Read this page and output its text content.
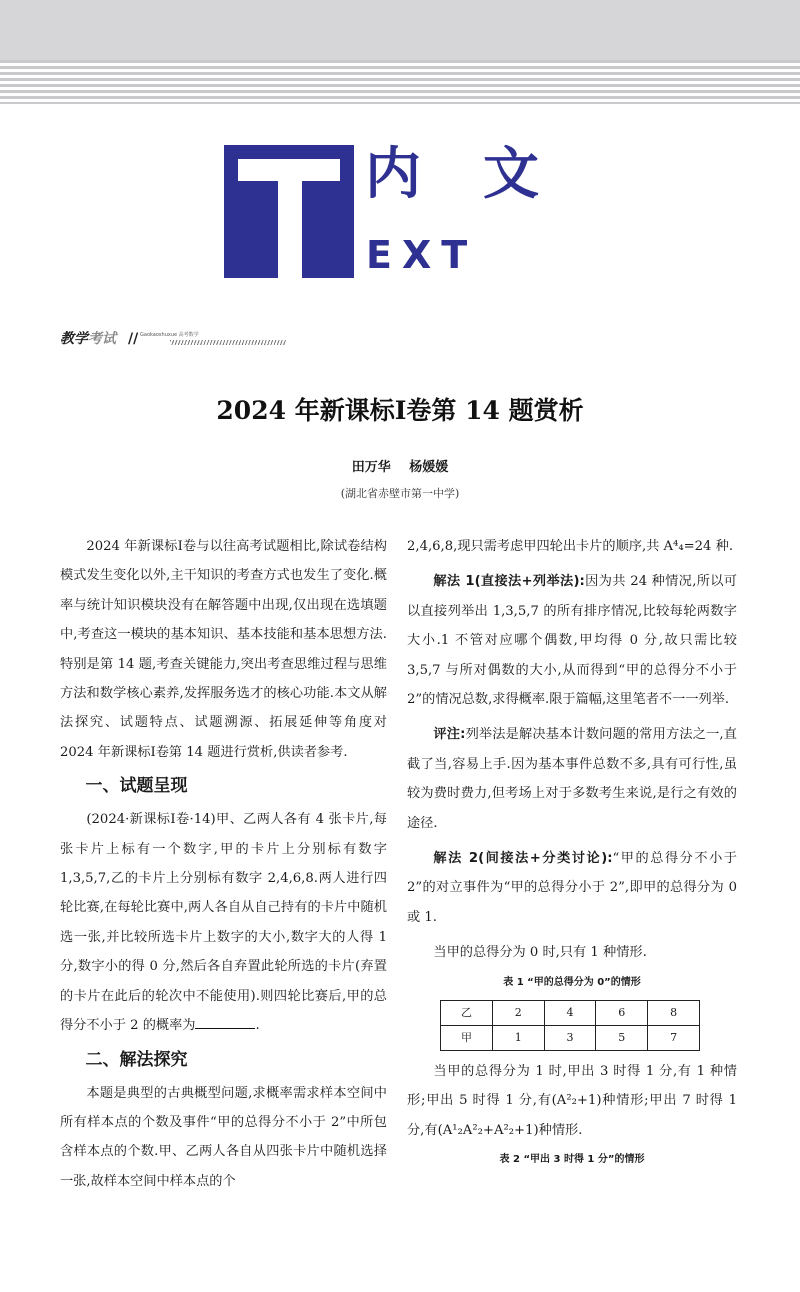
内文
EXT
教学考试 // Gaokaoshuxue 高考数学
2024 年新课标Ⅰ卷第 14 题赏析
田万华 杨媛媛
(湖北省赤壁市第一中学)

2024 年新课标Ⅰ卷与以往高考试题相比,除试卷结构模式发生变化以外,主干知识的考查方式也发生了变化.概率与统计知识模块没有在解答题中出现,仅出现在选填题中,考查这一模块的基本知识、基本技能和基本思想方法.特别是第 14 题,考查关键能力,突出考查思维过程与思维方法和数学核心素养,发挥服务选才的核心功能.本文从解法探究、试题特点、试题溯源、拓展延伸等角度对 2024 年新课标Ⅰ卷第 14 题进行赏析,供读者参考.

一、试题呈现

(2024·新课标Ⅰ卷·14)甲、乙两人各有 4 张卡片,每张卡片上标有一个数字,甲的卡片上分别标有数字 1,3,5,7,乙的卡片上分别标有数字 2,4,6,8.两人进行四轮比赛,在每轮比赛中,两人各自从自己持有的卡片中随机选一张,并比较所选卡片上数字的大小,数字大的人得 1 分,数字小的得 0 分,然后各自弃置此轮所选的卡片(弃置的卡片在此后的轮次中不能使用).则四轮比赛后,甲的总得分不小于 2 的概率为	.

二、解法探究

本题是典型的古典概型问题,求概率需求样本空间中所有样本点的个数及事件“甲的总得分不小于 2”中所包含样本点的个数.甲、乙两人各自从四张卡片中随机选择一张,故样本空间中样本点的个

2,4,6,8,现只需考虑甲四轮出卡片的顺序,共 A⁴₄=24 种.

解法 1(直接法+列举法):因为共 24 种情况,所以可以直接列举出 1,3,5,7 的所有排序情况,比较每轮两数字大小.1 不管对应哪个偶数,甲均得 0 分,故只需比较 3,5,7 与所对偶数的大小,从而得到“甲的总得分不小于 2”的情况总数,求得概率.限于篇幅,这里笔者不一一列举.

评注:列举法是解决基本计数问题的常用方法之一,直截了当,容易上手.因为基本事件总数不多,具有可行性,虽较为费时费力,但考场上对于多数考生来说,是行之有效的途径.

解法 2(间接法+分类讨论):“甲的总得分不小于 2”的对立事件为“甲的总得分小于 2”,即甲的总得分为 0 或 1.

当甲的总得分为 0 时,只有 1 种情形.

表 1 “甲的总得分为 0”的情形
乙	2	4	6	8
甲	1	3	5	7

当甲的总得分为 1 时,甲出 3 时得 1 分,有 1 种情形;甲出 5 时得 1 分,有(A²₂+1)种情形;甲出 7 时得 1 分,有(A¹₂A²₂+A²₂+1)种情形.

表 2 “甲出 3 时得 1 分”的情形
